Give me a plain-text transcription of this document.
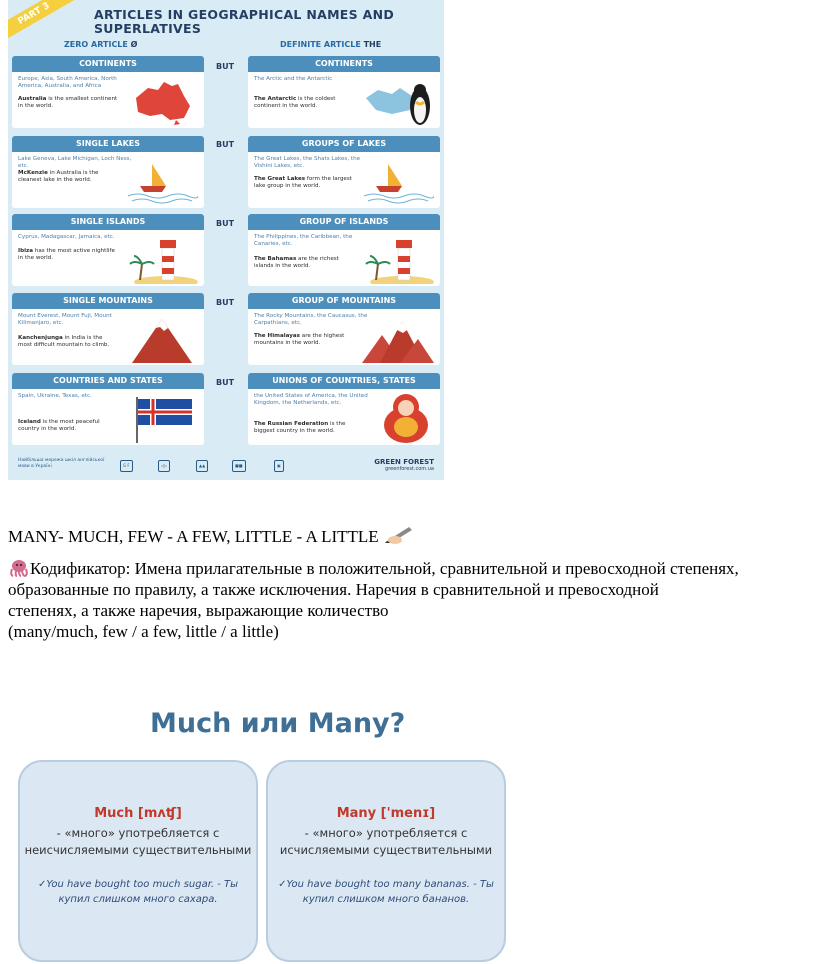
PART 3	ARTICLES IN GEOGRAPHICAL NAMES AND SUPERLATIVES
ZERO ARTICLE Ø	DEFINITE ARTICLE THE
CONTINENTS
Europe, Asia, South America, North America, Australia, and Africa
Australia is the smallest continent in the world.
BUT	CONTINENTS
The Arctic and the Antarctic
The Antarctic is the coldest continent in the world.
SINGLE LAKES
Lake Geneva, Lake Michigan, Loch Ness, etc.
McKenzie in Australia is the cleanest lake in the world.
BUT	GROUPS OF LAKES
The Great Lakes, the Shats Lakes, the Vishini Lakes, etc.
The Great Lakes form the largest lake group in the world.
SINGLE ISLANDS
Cyprus, Madagascar, Jamaica, etc.
Ibiza has the most active nightlife in the world.
BUT	GROUP OF ISLANDS
The Philippines, the Caribbean, the Canaries, etc.
The Bahamas are the richest islands in the world.
SINGLE MOUNTAINS
Mount Everest, Mount Fuji, Mount Kilimanjaro, etc.
Kanchenjunga in India is the most difficult mountain to climb.
BUT	GROUP OF MOUNTAINS
The Rocky Mountains, the Caucasus, the Carpathians, etc.
The Himalayas are the highest mountains in the world.
COUNTRIES AND STATES
Spain, Ukraine, Texas, etc.
Iceland is the most peaceful country in the world.
BUT	UNIONS OF COUNTRIES, STATES
the United States of America, the United Kingdom, the Netherlands, etc.
The Russian Federation is the biggest country in the world.
Найбільша мережа шкіл англійської мови в Україні	G F	◁▷	▲▲	■■	▣	GREEN FOREST
greenforest.com.ua
MANY- MUCH, FEW - A FEW, LITTLE - A LITTLE
Кодификатор: Имена прилагательные в положительной, сравнительной и превосходной степенях, образованные по правилу, а также исключения. Наречия в сравнительной и превосходной
степенях, а также наречия, выражающие количество
(many/much, few / a few, little / a little)
Much или Many?
Much [mʌʧ]
- «много» употребляется с неисчисляемыми существительными
✓You have bought too much sugar. - Ты купил слишком много сахара.
Many ['menɪ]
- «много» употребляется с исчисляемыми существительными
✓You have bought too many bananas. - Ты купил слишком много бананов.
